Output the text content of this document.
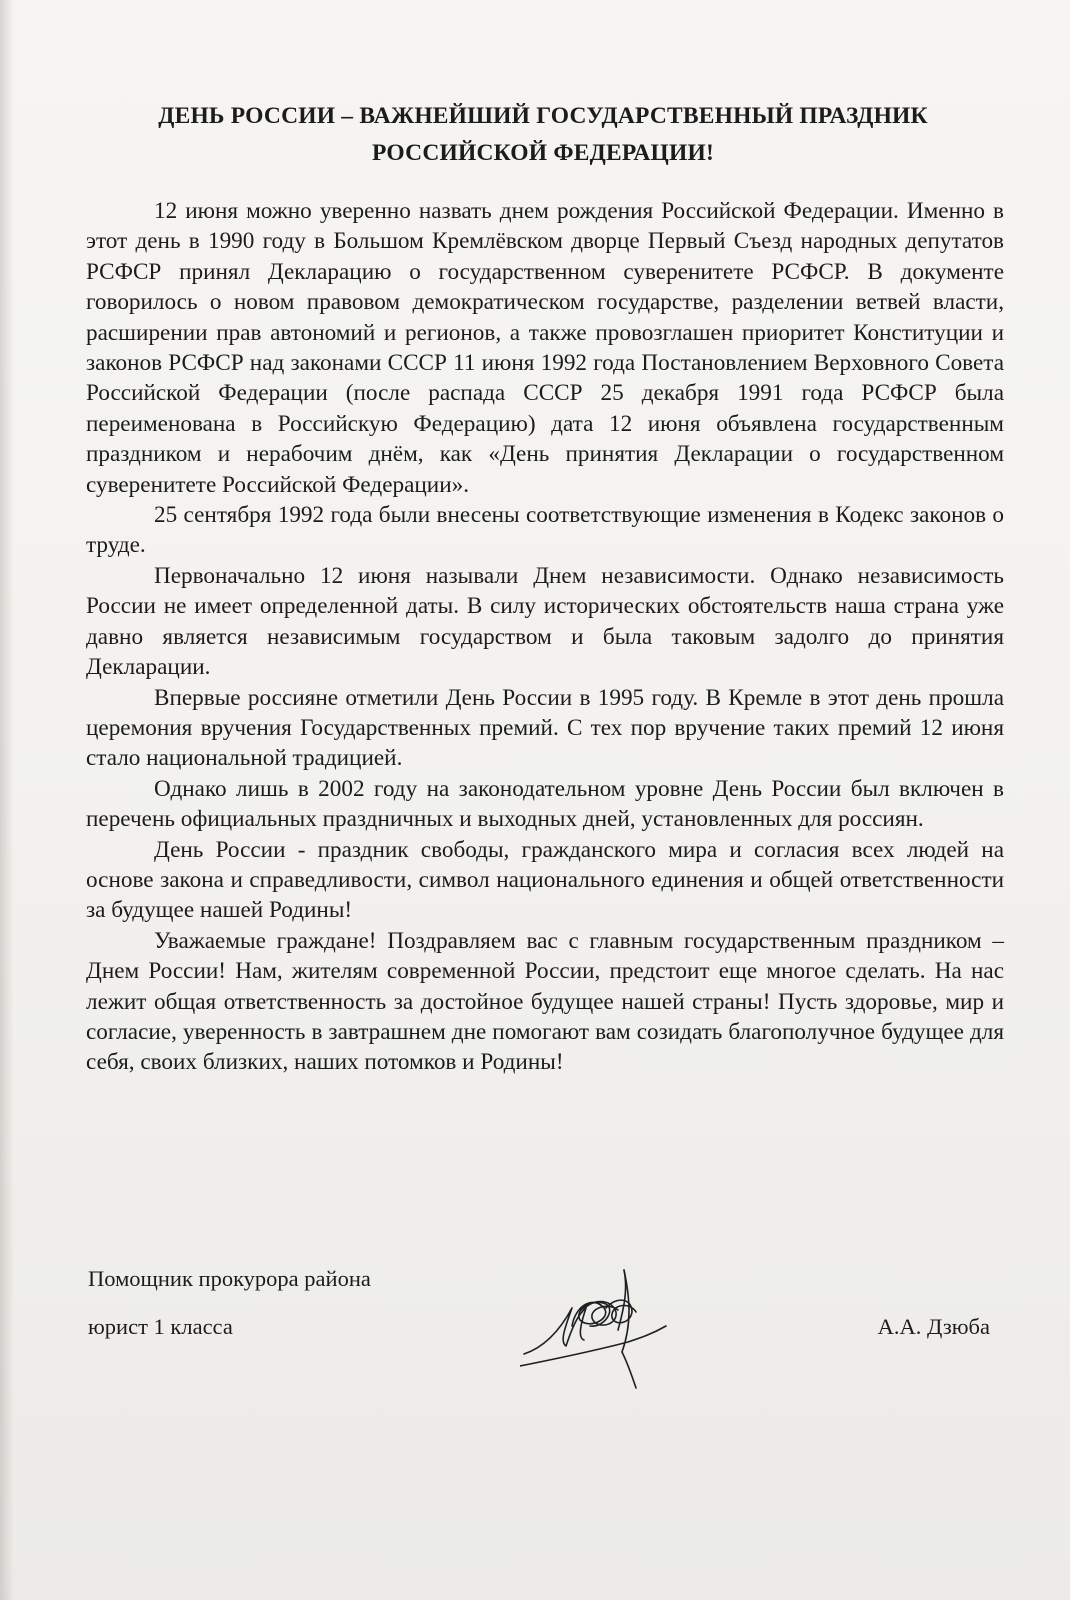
ДЕНЬ РОССИИ – ВАЖНЕЙШИЙ ГОСУДАРСТВЕННЫЙ ПРАЗДНИК РОССИЙСКОЙ ФЕДЕРАЦИИ!

12 июня можно уверенно назвать днем рождения Российской Федерации. Именно в этот день в 1990 году в Большом Кремлёвском дворце Первый Съезд народных депутатов РСФСР принял Декларацию о государственном суверенитете РСФСР. В документе говорилось о новом правовом демократическом государстве, разделении ветвей власти, расширении прав автономий и регионов, а также провозглашен приоритет Конституции и законов РСФСР над законами СССР 11 июня 1992 года Постановлением Верховного Совета Российской Федерации (после распада СССР 25 декабря 1991 года РСФСР была переименована в Российскую Федерацию) дата 12 июня объявлена государственным праздником и нерабочим днём, как «День принятия Декларации о государственном суверенитете Российской Федерации».

25 сентября 1992 года были внесены соответствующие изменения в Кодекс законов о труде.

Первоначально 12 июня называли Днем независимости. Однако независимость России не имеет определенной даты. В силу исторических обстоятельств наша страна уже давно является независимым государством и была таковым задолго до принятия Декларации.

Впервые россияне отметили День России в 1995 году. В Кремле в этот день прошла церемония вручения Государственных премий. С тех пор вручение таких премий 12 июня стало национальной традицией.

Однако лишь в 2002 году на законодательном уровне День России был включен в перечень официальных праздничных и выходных дней, установленных для россиян.

День России - праздник свободы, гражданского мира и согласия всех людей на основе закона и справедливости, символ национального единения и общей ответственности за будущее нашей Родины!

Уважаемые граждане! Поздравляем вас с главным государственным праздником – Днем России! Нам, жителям современной России, предстоит еще многое сделать. На нас лежит общая ответственность за достойное будущее нашей страны! Пусть здоровье, мир и согласие, уверенность в завтрашнем дне помогают вам созидать благополучное будущее для себя, своих близких, наших потомков и Родины!

Помощник прокурора района
юрист 1 класса	А.А. Дзюба
